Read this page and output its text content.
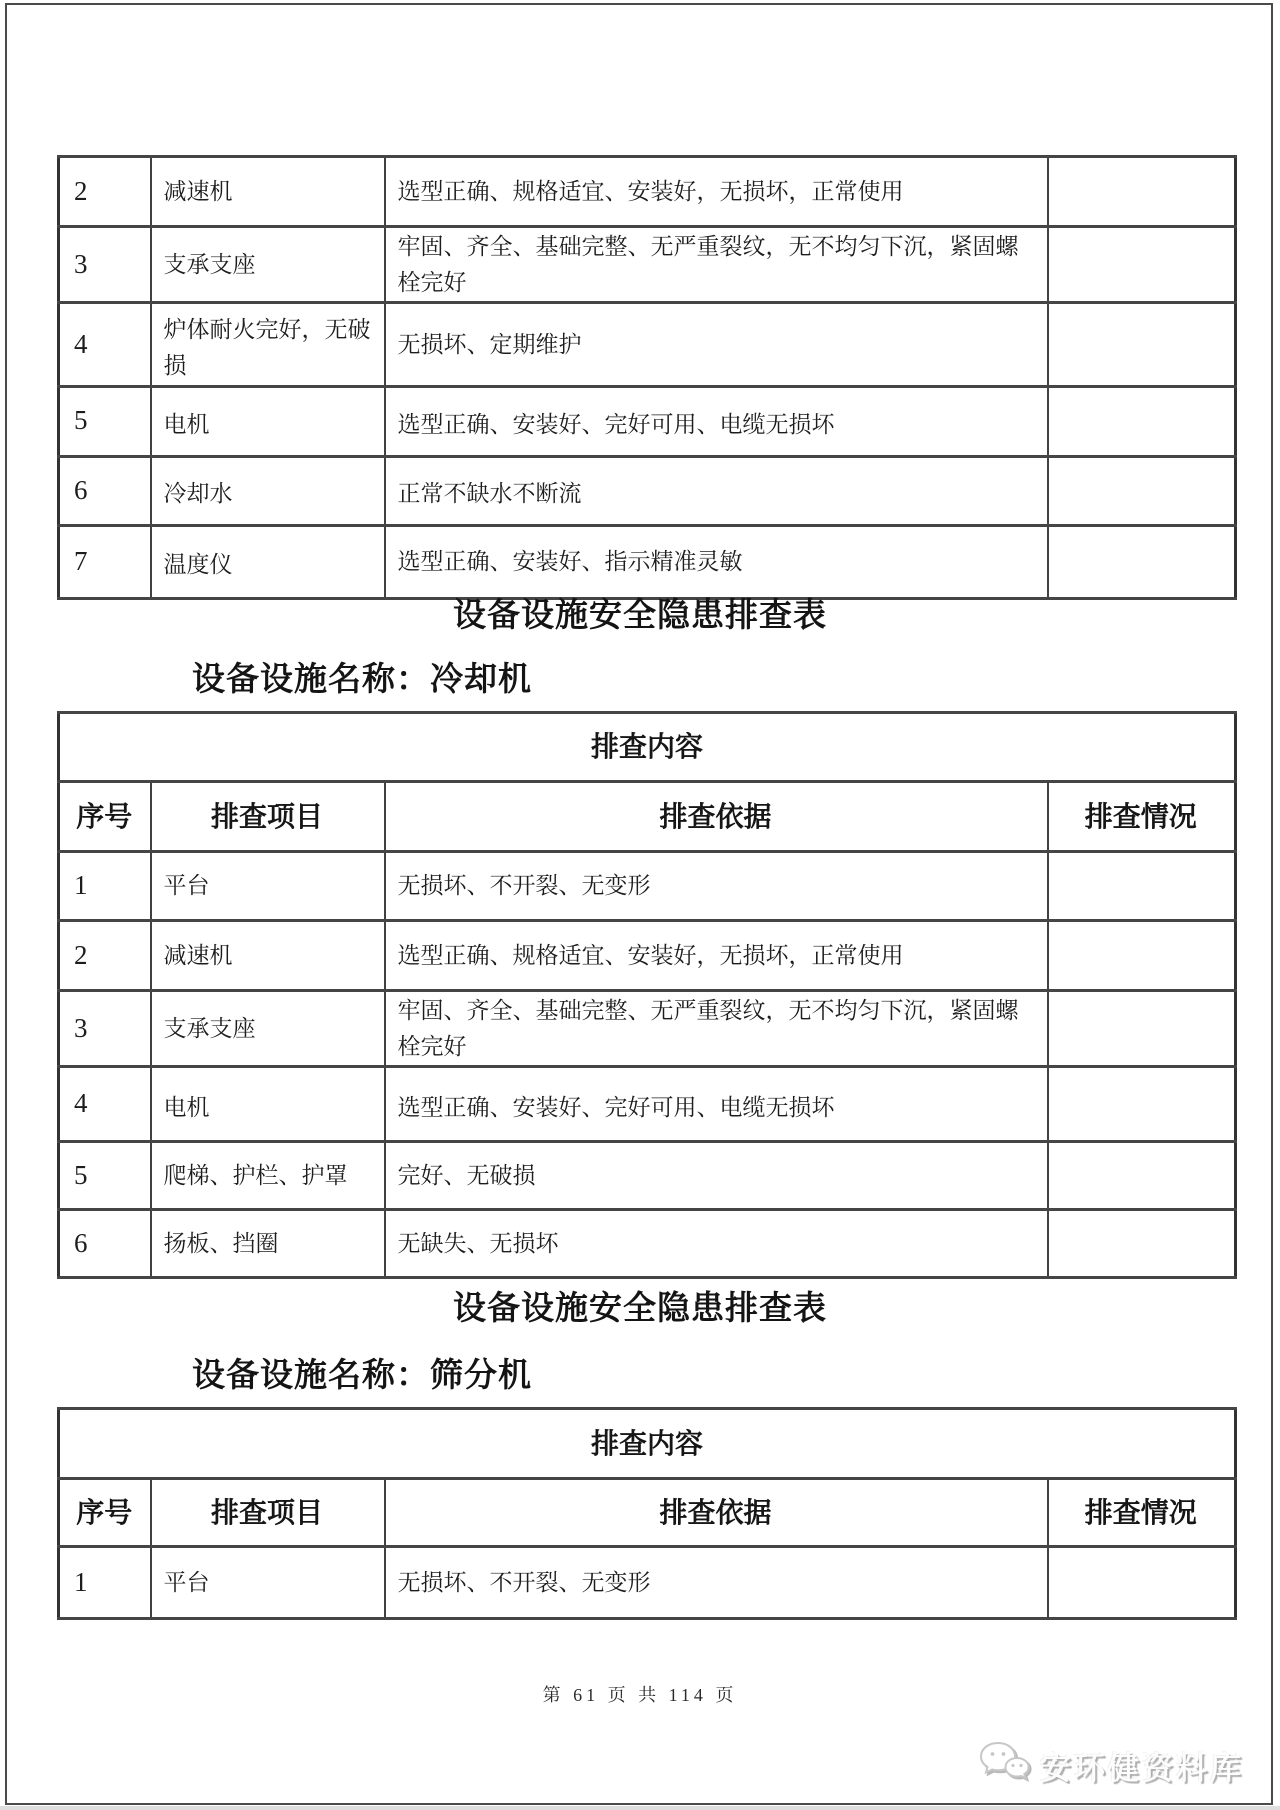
2	减速机	选型正确、规格适宜、安装好，无损坏，正常使用	
3	支承支座	牢固、齐全、基础完整、无严重裂纹，无不均匀下沉，紧固螺栓完好	
4	炉体耐火完好，无破损	无损坏、定期维护	
5	电机	选型正确、安装好、完好可用、电缆无损坏	
6	冷却水	正常不缺水不断流	
7	温度仪	选型正确、安装好、指示精准灵敏	
设备设施安全隐患排查表
设备设施名称：冷却机
排查内容			
序号	排查项目	排查依据	排查情况
1	平台	无损坏、不开裂、无变形	
2	减速机	选型正确、规格适宜、安装好，无损坏，正常使用	
3	支承支座	牢固、齐全、基础完整、无严重裂纹，无不均匀下沉，紧固螺栓完好	
4	电机	选型正确、安装好、完好可用、电缆无损坏	
5	爬梯、护栏、护罩	完好、无破损	
6	扬板、挡圈	无缺失、无损坏	
设备设施安全隐患排查表
设备设施名称：筛分机
排查内容			
序号	排查项目	排查依据	排查情况
1	平台	无损坏、不开裂、无变形	
第 61 页 共 114 页
安环健资料库
